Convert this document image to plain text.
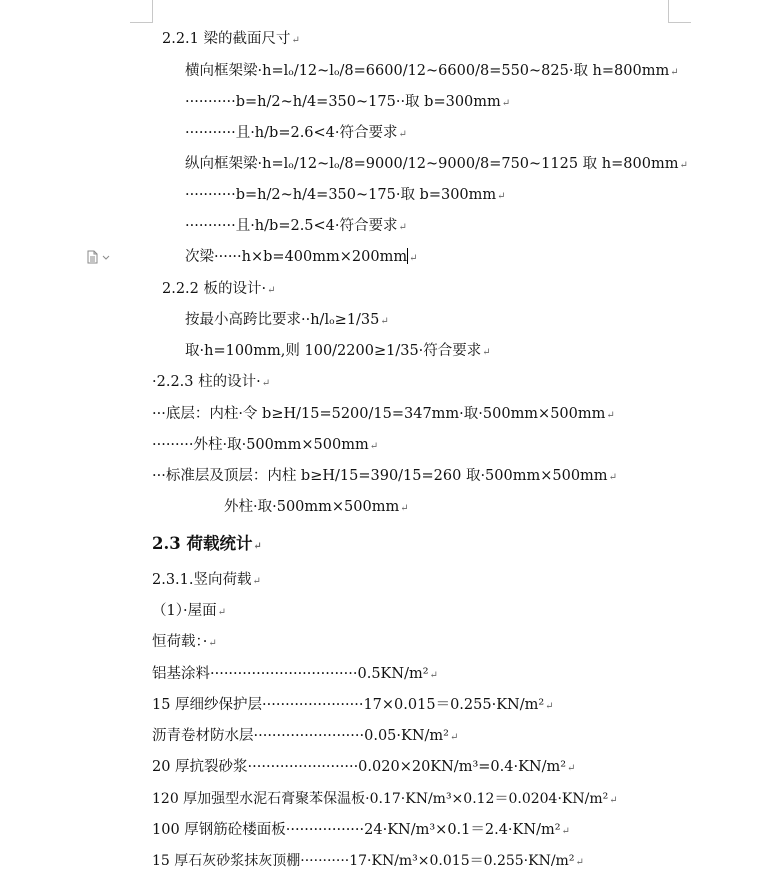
2.2.1 梁的截面尺寸↵
横向框架梁·h=lₒ/12~lₒ/8=6600/12~6600/8=550~825·取 h=800mm↵
···········b=h/2~h/4=350~175··取 b=300mm↵
···········且·h/b=2.6<4·符合要求↵
纵向框架梁·h=lₒ/12~lₒ/8=9000/12~9000/8=750~1125 取 h=800mm↵
···········b=h/2~h/4=350~175·取 b=300mm↵
···········且·h/b=2.5<4·符合要求↵
次梁······h×b=400mm×200mm ↵
2.2.2 板的设计·↵
按最小高跨比要求··h/lₒ≥1/35↵
取·h=100mm,则 100/2200≥1/35·符合要求↵
·2.2.3 柱的设计·↵
···底层：内柱·令 b≥H/15=5200/15=347mm·取·500mm×500mm↵
·········外柱·取·500mm×500mm↵
···标准层及顶层：内柱 b≥H/15=390/15=260 取·500mm×500mm↵
外柱·取·500mm×500mm↵
2.3 荷载统计↵
2.3.1.竖向荷载↵
（1）·屋面↵
恒荷载：·↵
铝基涂料································0.5KN/m²↵
15 厚细纱保护层······················17×0.015＝0.255·KN/m²↵
沥青卷材防水层························0.05·KN/m²↵
20 厚抗裂砂浆························0.020×20KN/m³=0.4·KN/m²↵
120 厚加强型水泥石膏聚苯保温板·0.17·KN/m³×0.12＝0.0204·KN/m²↵
100 厚钢筋砼楼面板·················24·KN/m³×0.1＝2.4·KN/m²↵
15 厚石灰砂浆抹灰顶棚···········17·KN/m³×0.015＝0.255·KN/m²↵
